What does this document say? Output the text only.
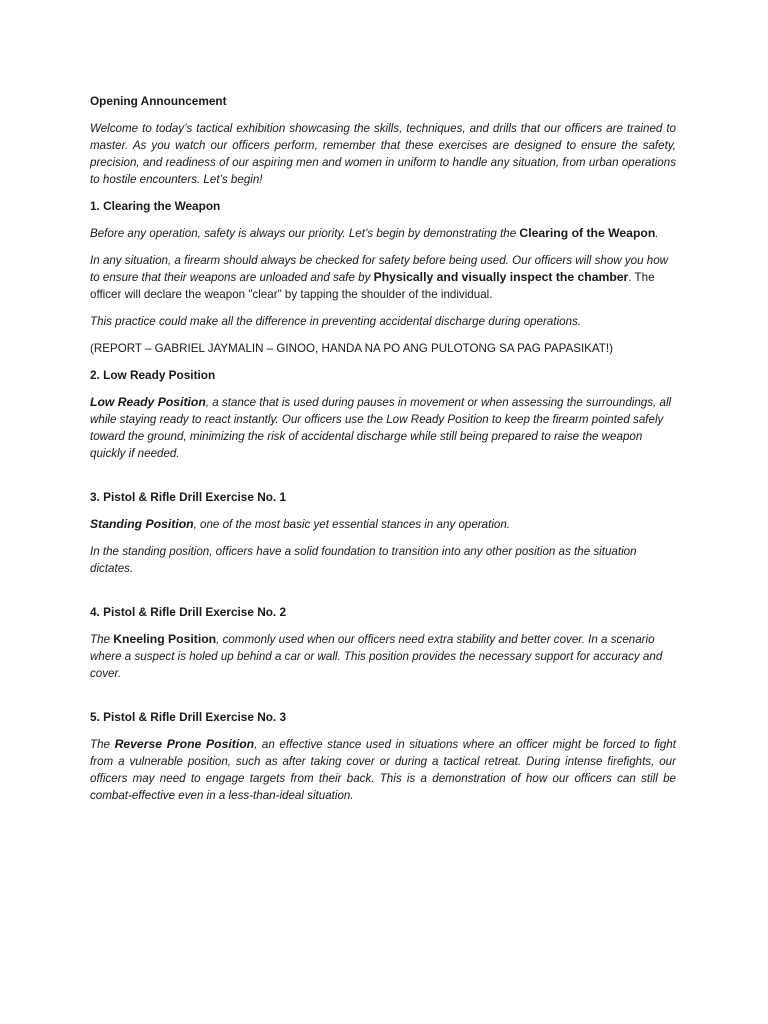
Opening Announcement
Welcome to today’s tactical exhibition showcasing the skills, techniques, and drills that our officers are trained to master. As you watch our officers perform, remember that these exercises are designed to ensure the safety, precision, and readiness of our aspiring men and women in uniform to handle any situation, from urban operations to hostile encounters. Let’s begin!
1. Clearing the Weapon
Before any operation, safety is always our priority. Let’s begin by demonstrating the Clearing of the Weapon.
In any situation, a firearm should always be checked for safety before being used. Our officers will show you how to ensure that their weapons are unloaded and safe by Physically and visually inspect the chamber. The officer will declare the weapon "clear" by tapping the shoulder of the individual.
This practice could make all the difference in preventing accidental discharge during operations.
(REPORT – GABRIEL JAYMALIN – GINOO, HANDA NA PO ANG PULOTONG SA PAG PAPASIKAT!)
2. Low Ready Position
Low Ready Position, a stance that is used during pauses in movement or when assessing the surroundings, all while staying ready to react instantly. Our officers use the Low Ready Position to keep the firearm pointed safely toward the ground, minimizing the risk of accidental discharge while still being prepared to raise the weapon quickly if needed.
3. Pistol & Rifle Drill Exercise No. 1
Standing Position, one of the most basic yet essential stances in any operation.
In the standing position, officers have a solid foundation to transition into any other position as the situation dictates.
4. Pistol & Rifle Drill Exercise No. 2
The Kneeling Position, commonly used when our officers need extra stability and better cover. In a scenario where a suspect is holed up behind a car or wall. This position provides the necessary support for accuracy and cover.
5. Pistol & Rifle Drill Exercise No. 3
The Reverse Prone Position, an effective stance used in situations where an officer might be forced to fight from a vulnerable position, such as after taking cover or during a tactical retreat. During intense firefights, our officers may need to engage targets from their back. This is a demonstration of how our officers can still be combat-effective even in a less-than-ideal situation.
